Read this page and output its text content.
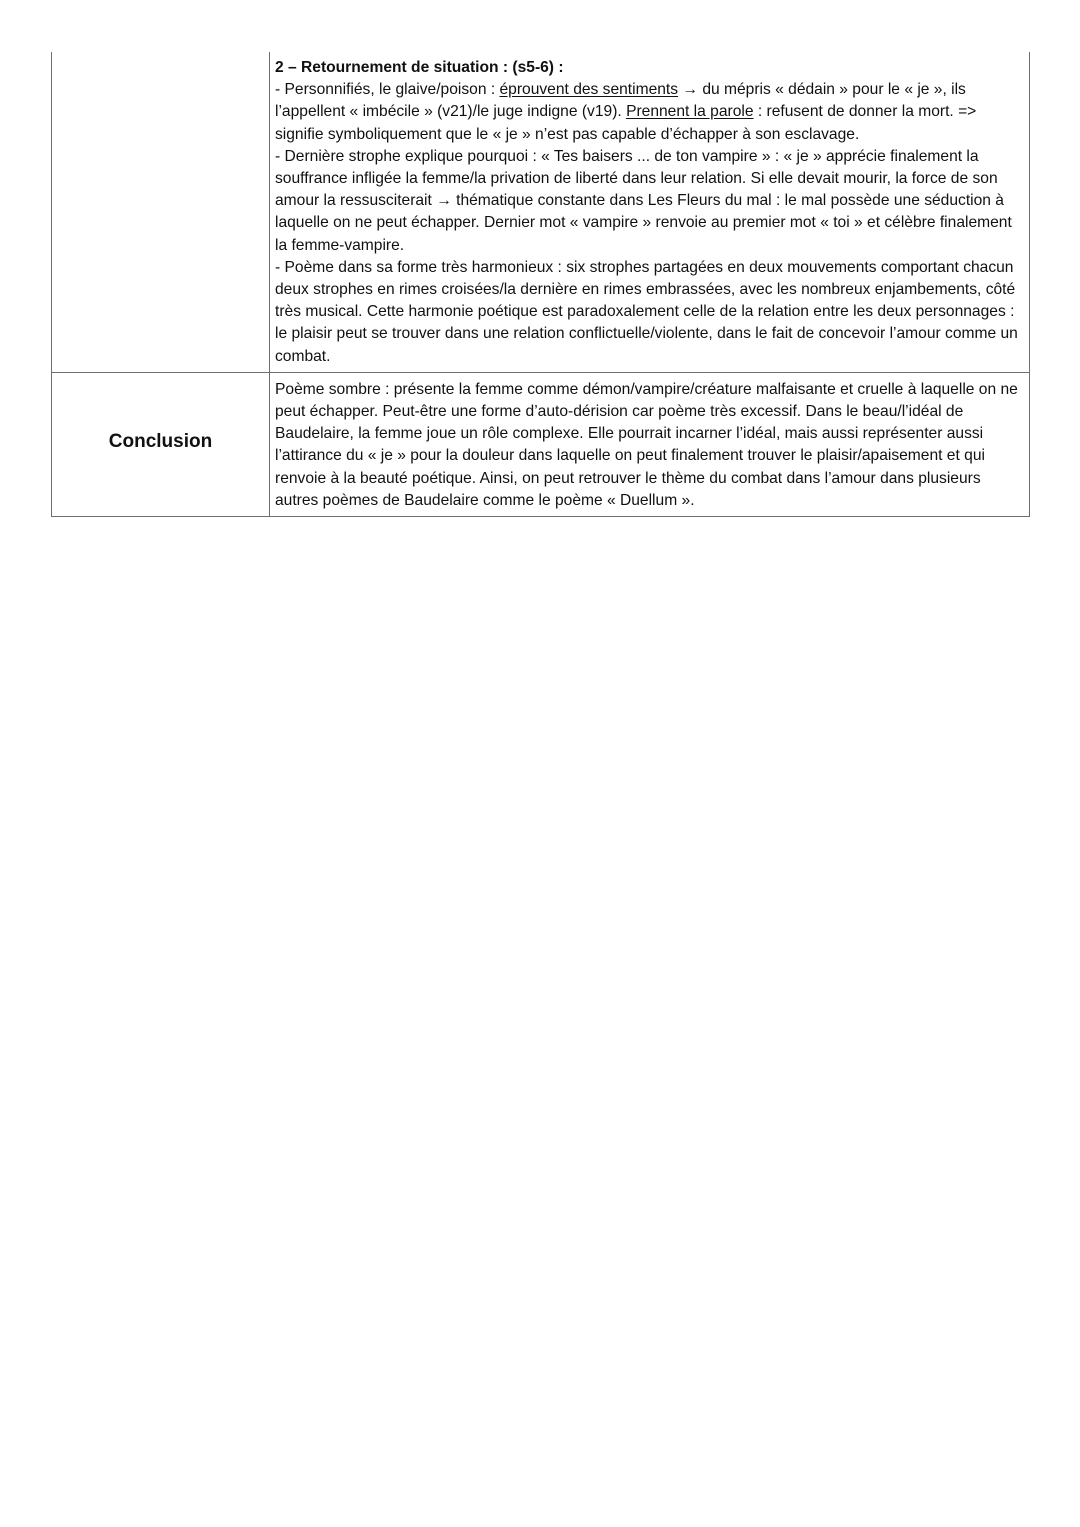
	2 – Retournement de situation : (s5-6) :

- Personnifiés, le glaive/poison : éprouvent des sentiments → du mépris « dédain » pour le « je », ils l’appellent « imbécile » (v21)/le juge indigne (v19). Prennent la parole : refusent de donner la mort. => signifie symboliquement que le « je » n’est pas capable d’échapper à son esclavage.

- Dernière strophe explique pourquoi : « Tes baisers ... de ton vampire » : « je » apprécie finalement la souffrance infligée la femme/la privation de liberté dans leur relation. Si elle devait mourir, la force de son amour la ressusciterait → thématique constante dans Les Fleurs du mal : le mal possède une séduction à laquelle on ne peut échapper. Dernier mot « vampire » renvoie au premier mot « toi » et célèbre finalement la femme-vampire.

- Poème dans sa forme très harmonieux : six strophes partagées en deux mouvements comportant chacun deux strophes en rimes croisées/la dernière en rimes embrassées, avec les nombreux enjambements, côté très musical. Cette harmonie poétique est paradoxalement celle de la relation entre les deux personnages : le plaisir peut se trouver dans une relation conflictuelle/violente, dans le fait de concevoir l’amour comme un combat.

Conclusion	Poème sombre : présente la femme comme démon/vampire/créature malfaisante et cruelle à laquelle on ne peut échapper. Peut-être une forme d’auto-dérision car poème très excessif. Dans le beau/l’idéal de Baudelaire, la femme joue un rôle complexe. Elle pourrait incarner l’idéal, mais aussi représenter aussi l’attirance du « je » pour la douleur dans laquelle on peut finalement trouver le plaisir/apaisement et qui renvoie à la beauté poétique. Ainsi, on peut retrouver le thème du combat dans l’amour dans plusieurs autres poèmes de Baudelaire comme le poème « Duellum ».
